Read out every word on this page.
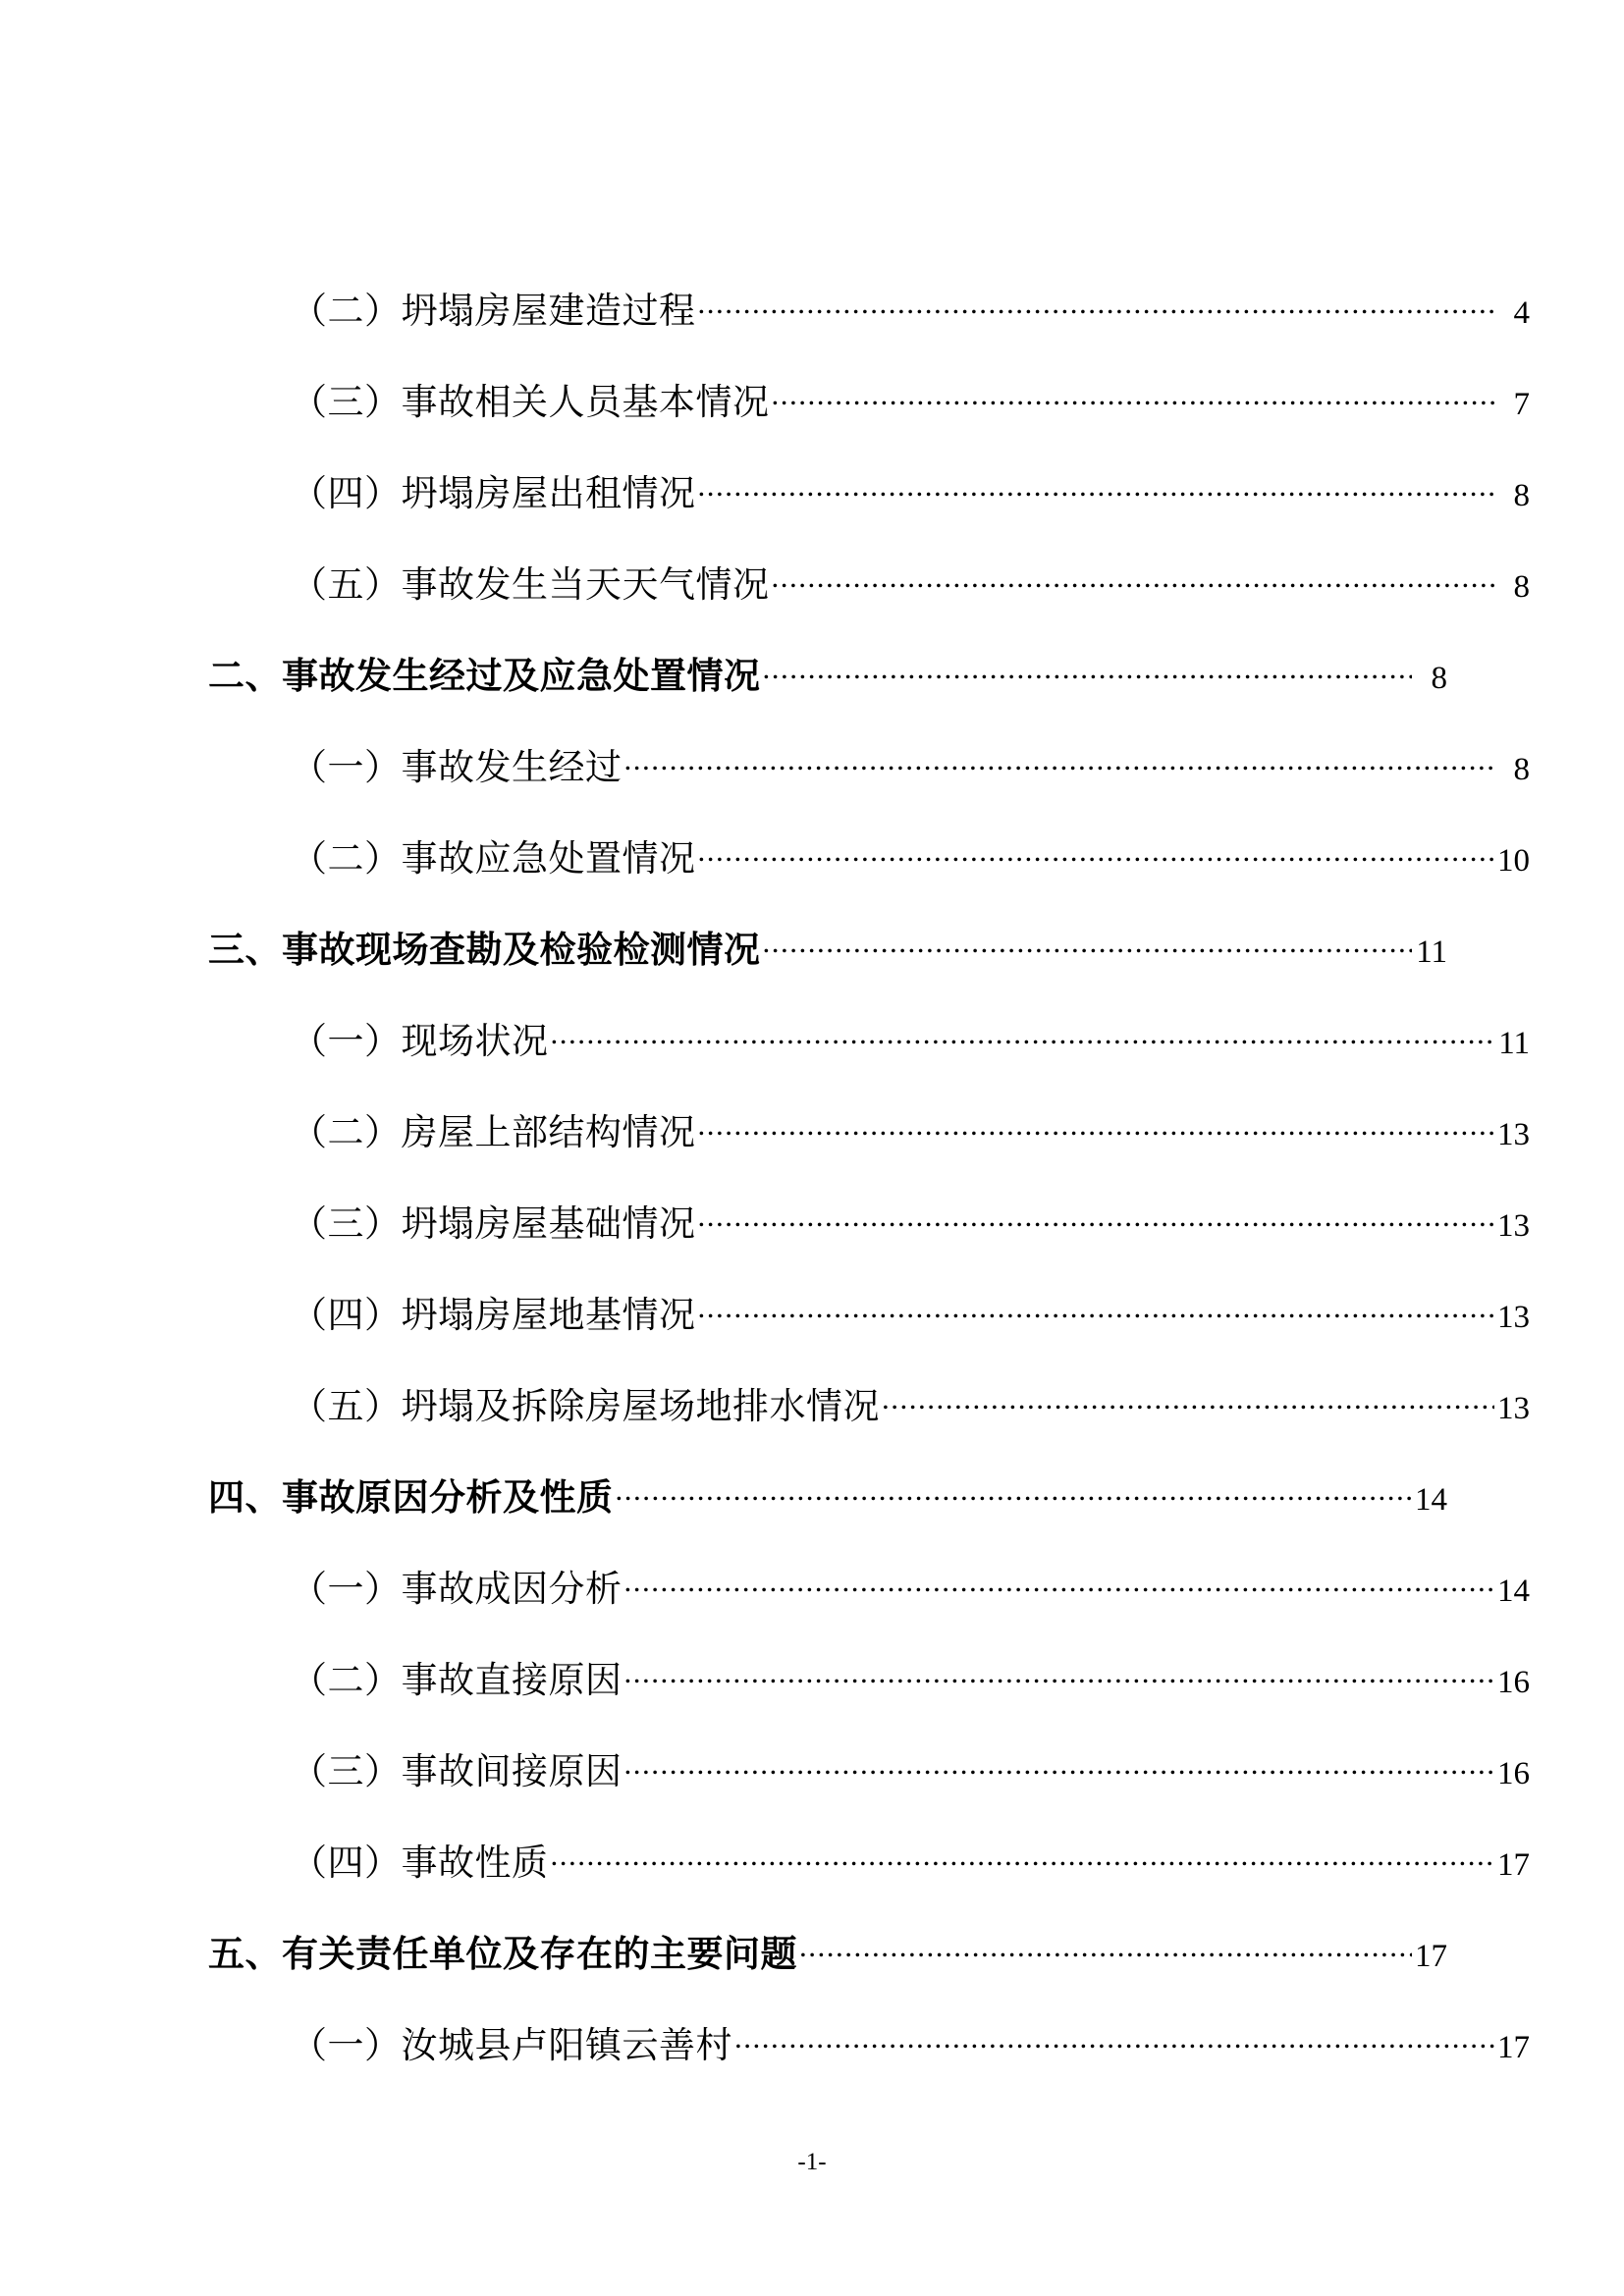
（二）坍塌房屋建造过程 .....	4
（三）事故相关人员基本情况 .....	7
（四）坍塌房屋出租情况 .....	8
（五）事故发生当天天气情况 .....	8
二、事故发生经过及应急处置情况 .....	8
（一）事故发生经过 .....	8
（二）事故应急处置情况 .....	10
三、事故现场查勘及检验检测情况 .....	11
（一）现场状况 .....	11
（二）房屋上部结构情况 .....	13
（三）坍塌房屋基础情况 .....	13
（四）坍塌房屋地基情况 .....	13
（五）坍塌及拆除房屋场地排水情况 .....	13
四、事故原因分析及性质 .....	14
（一）事故成因分析 .....	14
（二）事故直接原因 .....	16
（三）事故间接原因 .....	16
（四）事故性质 .....	17
五、有关责任单位及存在的主要问题 .....	17
（一）汝城县卢阳镇云善村 .....	17
-1-
